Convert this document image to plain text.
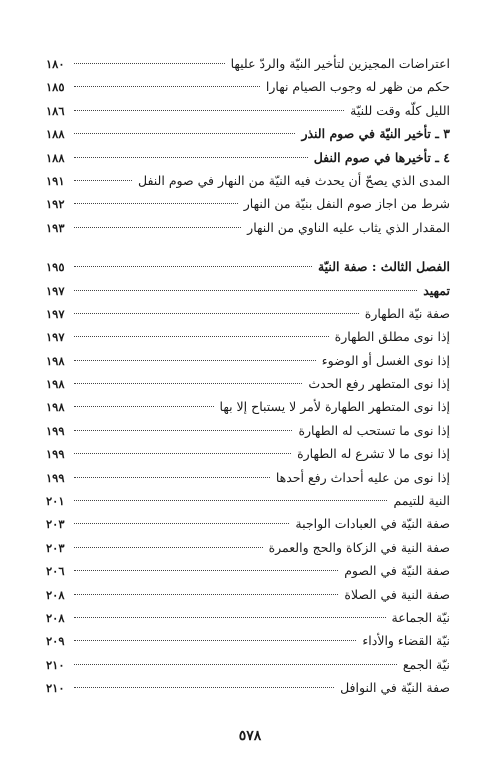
اعتراضات المجيزين لتأخير النيّة والردّ عليها
١٨٠
حكم من ظهر له وجوب الصيام نهارا
١٨٥
الليل كلّه وقت للنيّة
١٨٦
٣ ـ تأخير النيّة في صوم النذر
١٨٨
٤ ـ تأخيرها في صوم النفل
١٨٨
المدى الذي يصحّ أن يحدث فيه النيّة من النهار في صوم النفل
١٩١
شرط من اجاز صوم النفل بنيّة من النهار
١٩٢
المقدار الذي يثاب عليه الناوي من النهار
١٩٣
الفصل الثالث : صفة النيّة
١٩٥
تمهيد
١٩٧
صفة نيّة الطهارة
١٩٧
إذا نوى مطلق الطهارة
١٩٧
إذا نوى الغسل أو الوضوء
١٩٨
إذا نوى المتطهر رفع الحدث
١٩٨
إذا نوى المتطهر الطهارة لأمر لا يستباح إلا بها
١٩٨
إذا نوى ما تستحب له الطهارة
١٩٩
إذا نوى ما لا تشرع له الطهارة
١٩٩
إذا نوى من عليه أحداث رفع أحدها
١٩٩
النية للتيمم
٢٠١
صفة النيّة في العبادات الواجبة
٢٠٣
صفة النية في الزكاة والحج والعمرة
٢٠٣
صفة النيّة في الصوم
٢٠٦
صفة النية في الصلاة
٢٠٨
نيّة الجماعة
٢٠٨
نيّة القضاء والأداء
٢٠٩
نيّة الجمع
٢١٠
صفة النيّة في النوافل
٢١٠
٥٧٨
